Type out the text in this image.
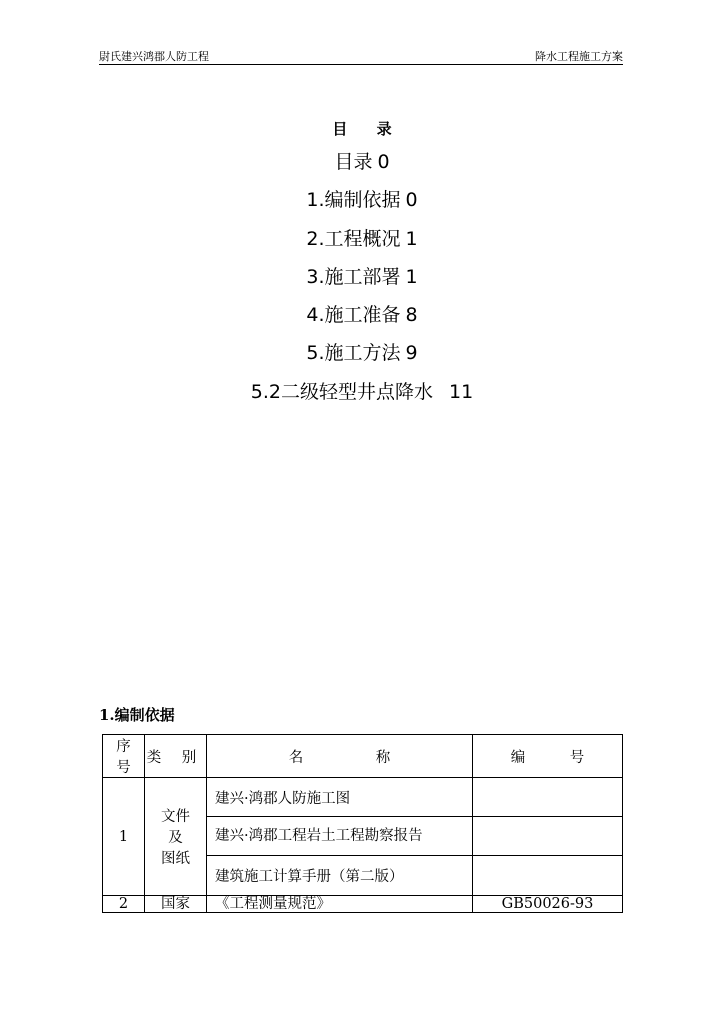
尉氏建兴鸿郡人防工程	降水工程施工方案
目 录
目录 0
1.编制依据 0
2.工程概况 1
3.施工部署 1
4.施工准备 8
5.施工方法 9
5.2二级轻型井点降水 11
1.编制依据
序
号	类 别	名 称	编 号
1	文件
及
图纸	建兴·鸿郡人防施工图	
		建兴·鸿郡工程岩土工程勘察报告	
		建筑施工计算手册（第二版）	
2	国家	《工程测量规范》	GB50026-93
